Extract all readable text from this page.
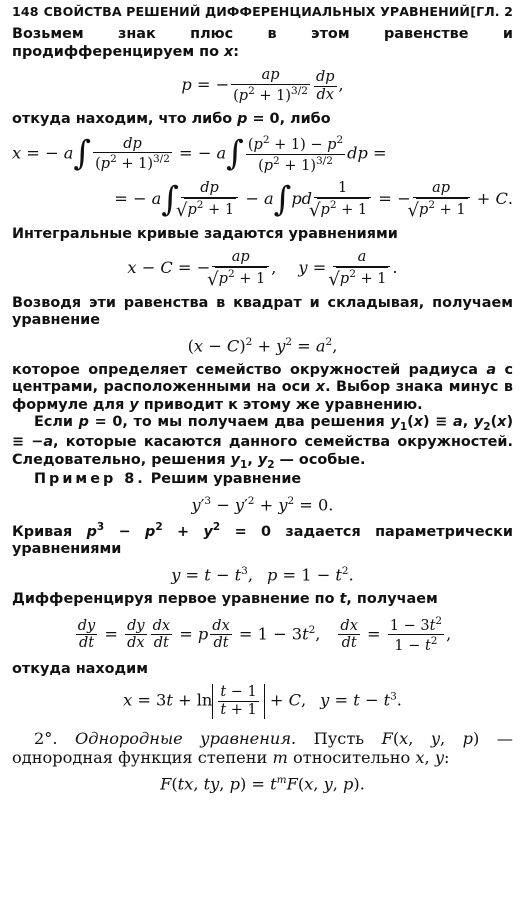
148 СВОЙСТВА РЕШЕНИЙ ДИФФЕРЕНЦИАЛЬНЫХ УРАВНЕНИЙ [ГЛ. 2

Возьмем знак плюс в этом равенстве и продифференцируем по x:

p = − $\frac{ap}{(p^2 + 1)^{3/2}} \frac{dp}{dx}$ ,

откуда находим, что либо p = 0, либо

x = − $a\int \frac{dp}{(p^2 + 1)^{3/2}}$ = − $a\int \frac{(p^2 + 1) - p^2}{(p^2 + 1)^{3/2}}$ dp =
= − a∫ dp
√ $p^2 + 1 - a\int pd$ 1
√ $p^2 + 1$ = − ap
√ $p^2 + 1 + C$.

Интегральные кривые задаются уравнениями

x − C = − ap
√ $p^2 + 1$ , y = a
√ $p^2 + 1$ .

Возводя эти равенства в квадрат и складывая, получаем уравнение

$(x - C)^2 + y^2 = a^2$,

которое определяет семейство окружностей радиуса a с центрами, расположенными на оси x. Выбор знака минус в формуле для y приводит к этому же уравнению.

Если p = 0, то мы получаем два решения $y_1(x) \equiv a$, $y_2(x) \equiv -a$, которые касаются данного семейства окружностей. Следовательно, решения $y_1$, $y_2$ — особые.

Пример 8. Решим уравнение

$y'^3 - y'^2 + y^2 = 0$.

Кривая $p^3 - p^2 + y^2 = 0$ задается параметрически уравнениями

$y = t - t^3$, $p = 1 - t^2$.

Дифференцируя первое уравнение по t, получаем

$\frac{dy}{dt} = \frac{dy}{dx} \frac{dx}{dt} = p \frac{dx}{dt} = 1 - 3t^2$, $\frac{dx}{dt} = \frac{1 - 3t^2}{1 - t^2}$ ,

откуда находим

$x = 3t + \ln \frac{t - 1}{t + 1} + C$, $y = t - t^3$.

2°. Однородные уравнения. Пусть F(x, y, p) — однородная функция степени m относительно x, y:

F(tx, ty, $p) = t^mF(x$, y, p).
